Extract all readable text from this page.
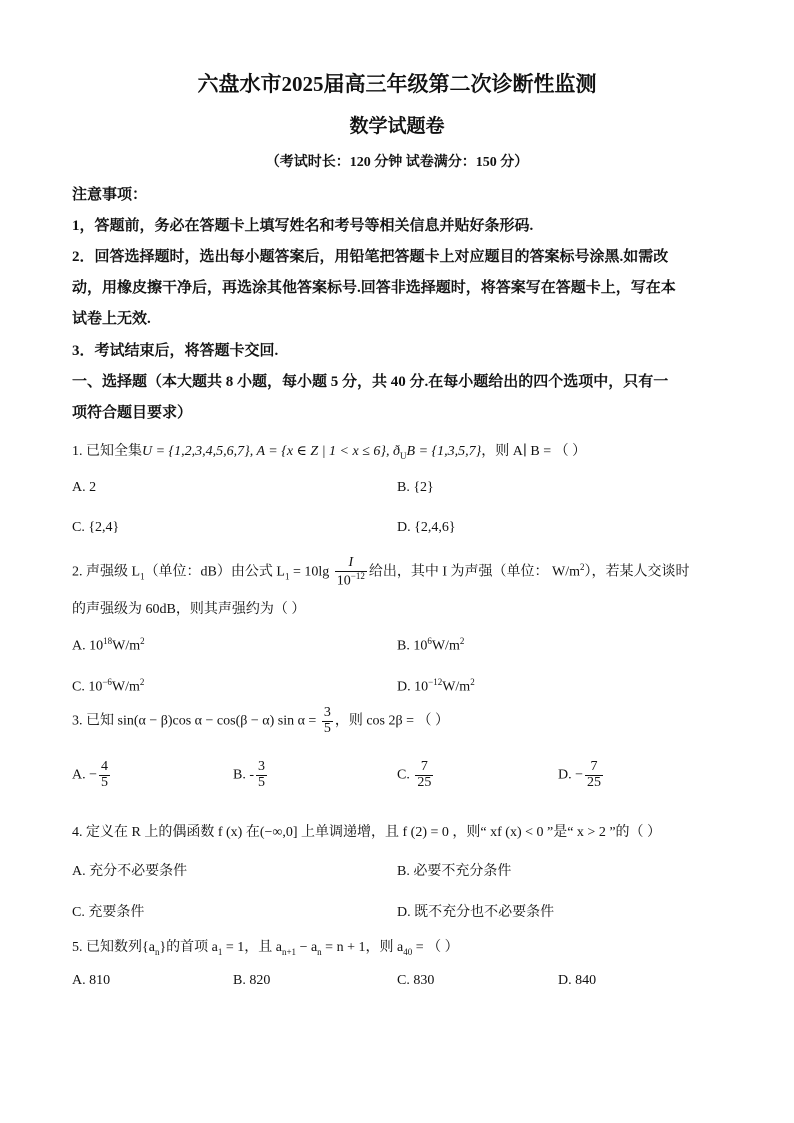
六盘水市2025届高三年级第二次诊断性监测
数学试题卷
（考试时长：120 分钟 试卷满分：150 分）
注意事项：
1，答题前，务必在答题卡上填写姓名和考号等相关信息并贴好条形码.
2．回答选择题时，选出每小题答案后，用铅笔把答题卡上对应题目的答案标号涂黑.如需改
动，用橡皮擦干净后，再选涂其他答案标号.回答非选择题时，将答案写在答题卡上，写在本
试卷上无效.
3．考试结束后，将答题卡交回.
一、选择题（本大题共 8 小题，每小题 5 分，共 40 分.在每小题给出的四个选项中，只有一
项符合题目要求）
1. 已知全集U = {1,2,3,4,5,6,7}, A = {x ∈ Z | 1 < x ≤ 6}, $ð_UB = \{1,3,5,7\}$，则 A∣ B = （ ）
A. 2	B. {2}
C. {2,4}	D. {2,4,6}
2. 声强级 $L_1$（单位：dB）由公式 $L_1 = 10\lg \frac{I}{10^{-12}}$ 给出，其中 I 为声强（单位： $W/m^2$），若某人交谈时
的声强级为 60dB，则其声强约为（ ）
A. $10^{18}W/m^2$	B. $10^6W/m^2$
C. $10^{-6}W/m^2$	D. $10^{-12}W/m^2$
3. 已知 sin(α − β)cos α − cos(β − α) $\sin \alpha = \frac{3}{5}$ ，则 cos 2β = （ ）
A. − $\frac{4}{5}$	B. - $\frac{3}{5}$	C. $\frac{7}{25}$	D. − $\frac{7}{25}$
4. 定义在 R 上的偶函数 f (x) 在(−∞,0] 上单调递增，且 f (2) = 0 ，则“ xf (x) < 0 ”是“ x > 2 ”的（ ）
A. 充分不必要条件	B. 必要不充分条件
C. 充要条件	D. 既不充分也不必要条件
5. 已知数列$\{a_n\}$的首项 $a_1 = 1$，且 $a_{n+1} - a_n = n + 1$，则 $a_{40}$ = （ ）
A. 810	B. 820	C. 830	D. 840
